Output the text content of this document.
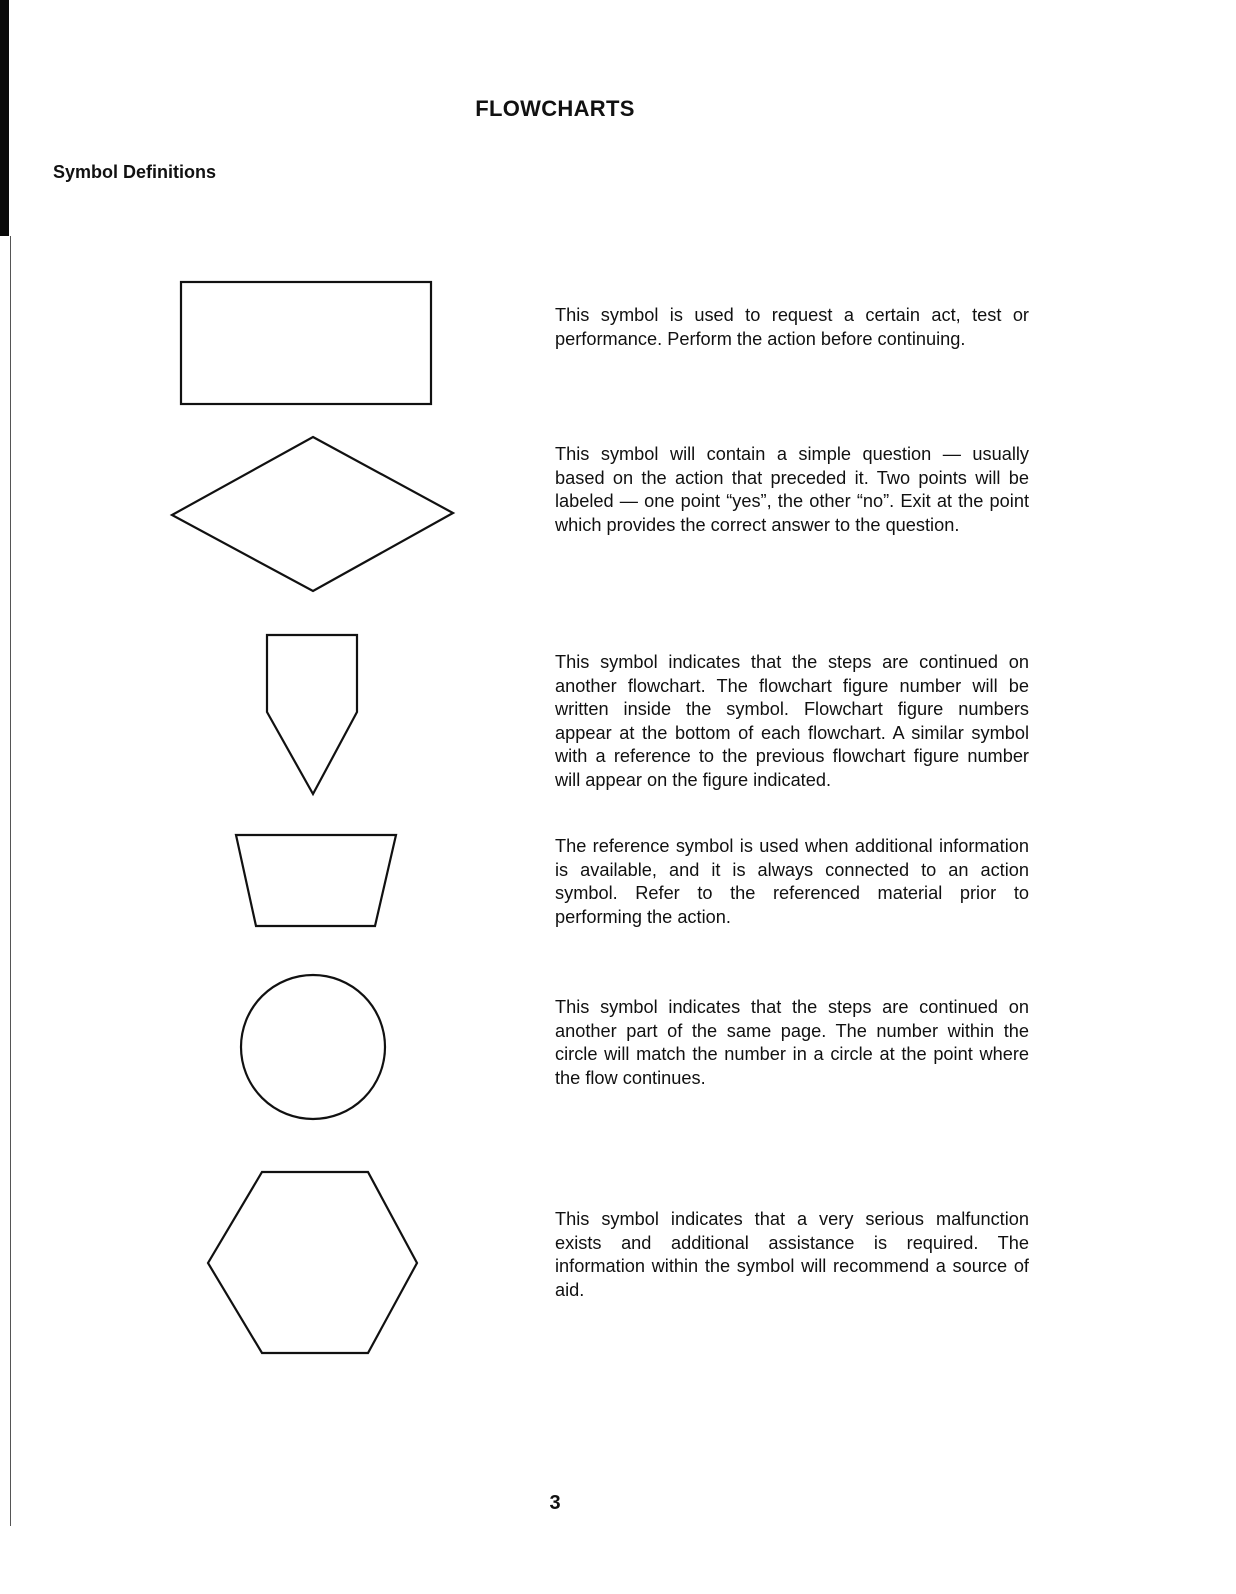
FLOWCHARTS
Symbol Definitions
This symbol is used to request a certain act, test or performance. Perform the action before continuing.
This symbol will contain a simple question — usually based on the action that preceded it. Two points will be labeled — one point “yes”, the other “no”. Exit at the point which provides the correct answer to the question.
This symbol indicates that the steps are continued on another flowchart. The flowchart figure number will be written inside the symbol. Flowchart figure numbers appear at the bottom of each flowchart. A similar symbol with a reference to the previous flowchart figure number will appear on the figure indicated.
The reference symbol is used when additional information is available, and it is always connected to an action symbol. Refer to the referenced material prior to performing the action.
This symbol indicates that the steps are continued on another part of the same page. The number within the circle will match the number in a circle at the point where the flow continues.
This symbol indicates that a very serious malfunction exists and additional assistance is required. The information within the symbol will recommend a source of aid.
3
